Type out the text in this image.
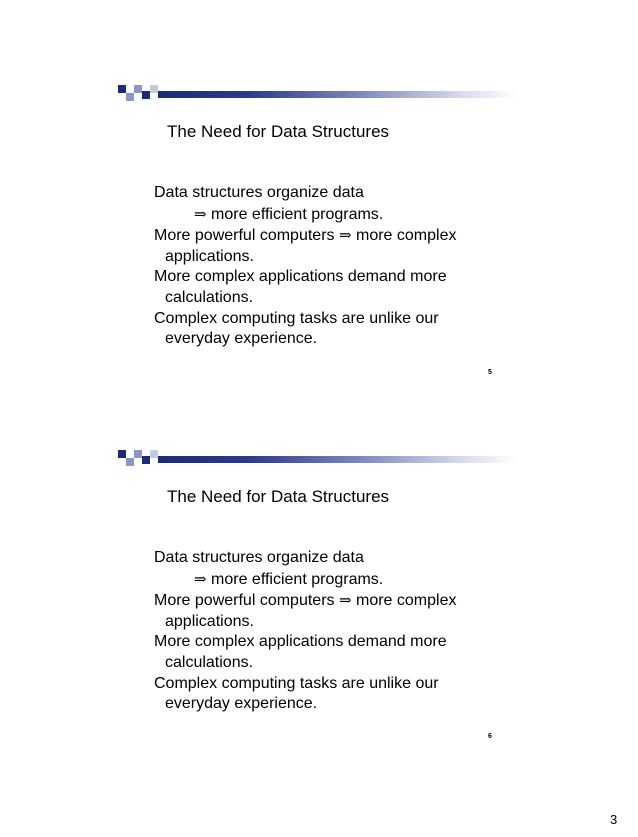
The Need for Data Structures
Data structures organize data
⇒ more efficient programs.
More powerful computers ⇒ more complex
applications.
More complex applications demand more
calculations.
Complex computing tasks are unlike our
everyday experience.
5
The Need for Data Structures
Data structures organize data
⇒ more efficient programs.
More powerful computers ⇒ more complex
applications.
More complex applications demand more
calculations.
Complex computing tasks are unlike our
everyday experience.
6
3
